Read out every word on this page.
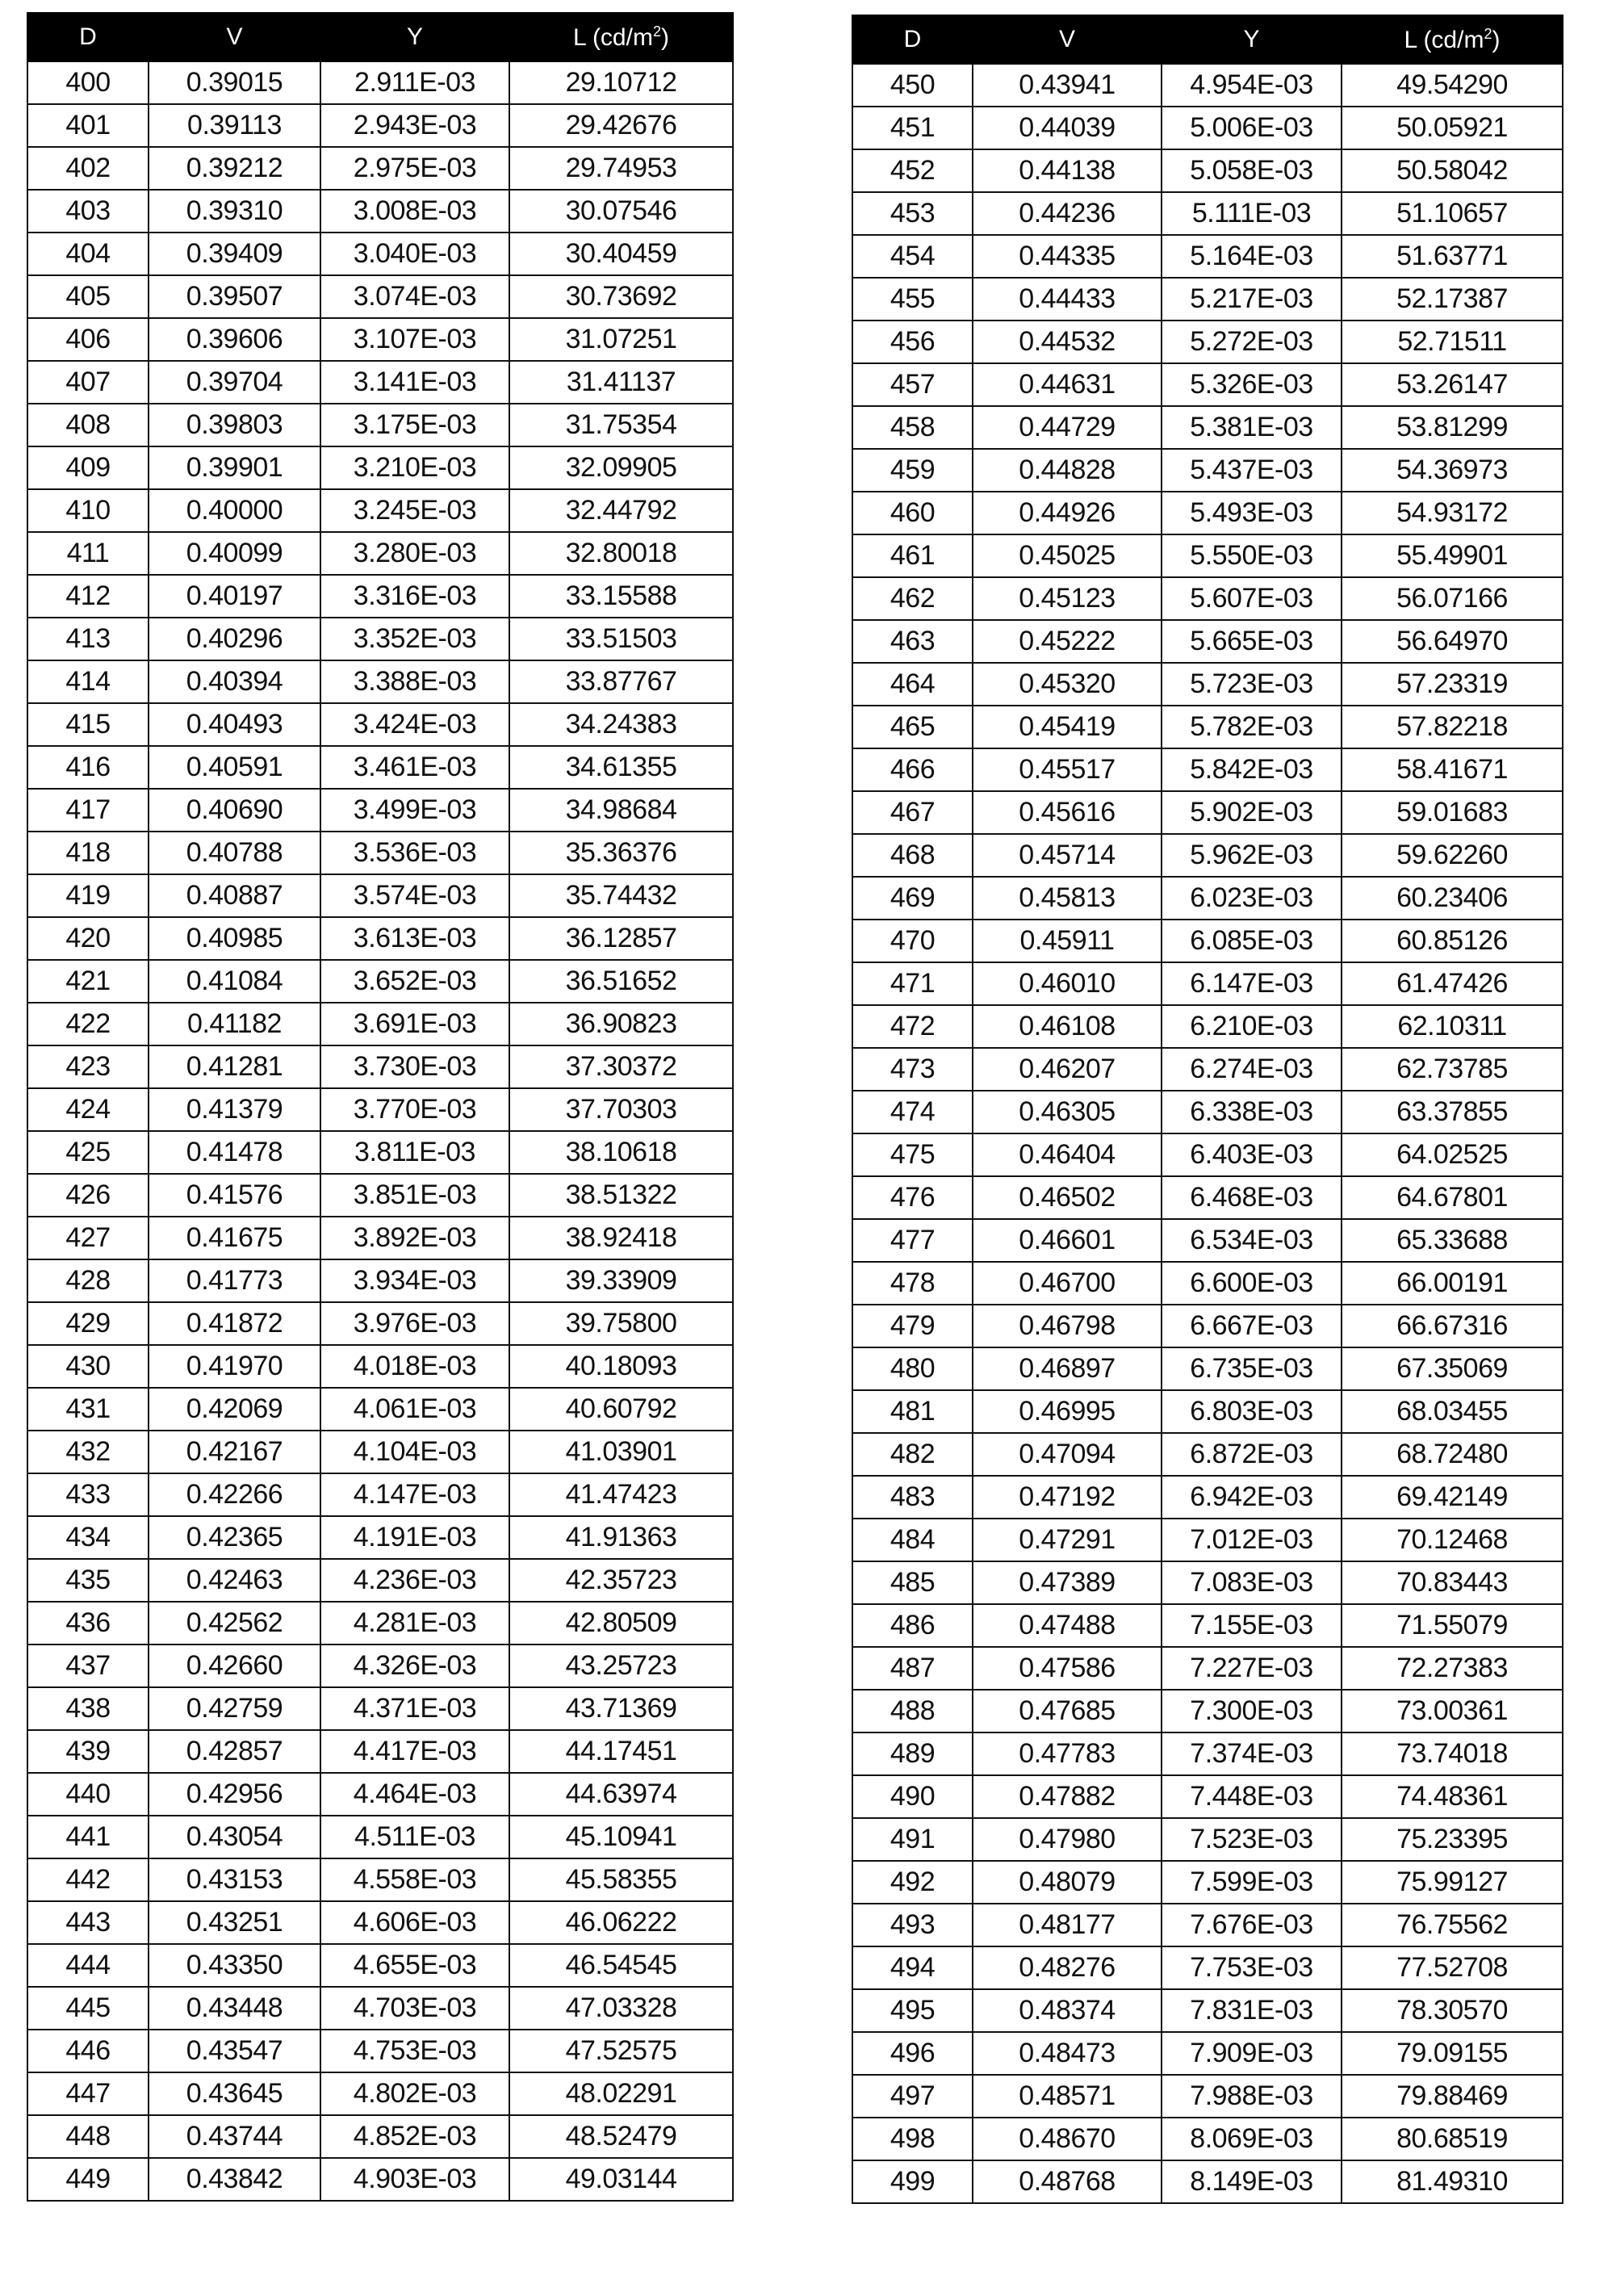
D	V	Y	L (cd/m2)
400	0.39015	2.911E-03	29.10712
401	0.39113	2.943E-03	29.42676
402	0.39212	2.975E-03	29.74953
403	0.39310	3.008E-03	30.07546
404	0.39409	3.040E-03	30.40459
405	0.39507	3.074E-03	30.73692
406	0.39606	3.107E-03	31.07251
407	0.39704	3.141E-03	31.41137
408	0.39803	3.175E-03	31.75354
409	0.39901	3.210E-03	32.09905
410	0.40000	3.245E-03	32.44792
411	0.40099	3.280E-03	32.80018
412	0.40197	3.316E-03	33.15588
413	0.40296	3.352E-03	33.51503
414	0.40394	3.388E-03	33.87767
415	0.40493	3.424E-03	34.24383
416	0.40591	3.461E-03	34.61355
417	0.40690	3.499E-03	34.98684
418	0.40788	3.536E-03	35.36376
419	0.40887	3.574E-03	35.74432
420	0.40985	3.613E-03	36.12857
421	0.41084	3.652E-03	36.51652
422	0.41182	3.691E-03	36.90823
423	0.41281	3.730E-03	37.30372
424	0.41379	3.770E-03	37.70303
425	0.41478	3.811E-03	38.10618
426	0.41576	3.851E-03	38.51322
427	0.41675	3.892E-03	38.92418
428	0.41773	3.934E-03	39.33909
429	0.41872	3.976E-03	39.75800
430	0.41970	4.018E-03	40.18093
431	0.42069	4.061E-03	40.60792
432	0.42167	4.104E-03	41.03901
433	0.42266	4.147E-03	41.47423
434	0.42365	4.191E-03	41.91363
435	0.42463	4.236E-03	42.35723
436	0.42562	4.281E-03	42.80509
437	0.42660	4.326E-03	43.25723
438	0.42759	4.371E-03	43.71369
439	0.42857	4.417E-03	44.17451
440	0.42956	4.464E-03	44.63974
441	0.43054	4.511E-03	45.10941
442	0.43153	4.558E-03	45.58355
443	0.43251	4.606E-03	46.06222
444	0.43350	4.655E-03	46.54545
445	0.43448	4.703E-03	47.03328
446	0.43547	4.753E-03	47.52575
447	0.43645	4.802E-03	48.02291
448	0.43744	4.852E-03	48.52479
449	0.43842	4.903E-03	49.03144
D	V	Y	L (cd/m2)
450	0.43941	4.954E-03	49.54290
451	0.44039	5.006E-03	50.05921
452	0.44138	5.058E-03	50.58042
453	0.44236	5.111E-03	51.10657
454	0.44335	5.164E-03	51.63771
455	0.44433	5.217E-03	52.17387
456	0.44532	5.272E-03	52.71511
457	0.44631	5.326E-03	53.26147
458	0.44729	5.381E-03	53.81299
459	0.44828	5.437E-03	54.36973
460	0.44926	5.493E-03	54.93172
461	0.45025	5.550E-03	55.49901
462	0.45123	5.607E-03	56.07166
463	0.45222	5.665E-03	56.64970
464	0.45320	5.723E-03	57.23319
465	0.45419	5.782E-03	57.82218
466	0.45517	5.842E-03	58.41671
467	0.45616	5.902E-03	59.01683
468	0.45714	5.962E-03	59.62260
469	0.45813	6.023E-03	60.23406
470	0.45911	6.085E-03	60.85126
471	0.46010	6.147E-03	61.47426
472	0.46108	6.210E-03	62.10311
473	0.46207	6.274E-03	62.73785
474	0.46305	6.338E-03	63.37855
475	0.46404	6.403E-03	64.02525
476	0.46502	6.468E-03	64.67801
477	0.46601	6.534E-03	65.33688
478	0.46700	6.600E-03	66.00191
479	0.46798	6.667E-03	66.67316
480	0.46897	6.735E-03	67.35069
481	0.46995	6.803E-03	68.03455
482	0.47094	6.872E-03	68.72480
483	0.47192	6.942E-03	69.42149
484	0.47291	7.012E-03	70.12468
485	0.47389	7.083E-03	70.83443
486	0.47488	7.155E-03	71.55079
487	0.47586	7.227E-03	72.27383
488	0.47685	7.300E-03	73.00361
489	0.47783	7.374E-03	73.74018
490	0.47882	7.448E-03	74.48361
491	0.47980	7.523E-03	75.23395
492	0.48079	7.599E-03	75.99127
493	0.48177	7.676E-03	76.75562
494	0.48276	7.753E-03	77.52708
495	0.48374	7.831E-03	78.30570
496	0.48473	7.909E-03	79.09155
497	0.48571	7.988E-03	79.88469
498	0.48670	8.069E-03	80.68519
499	0.48768	8.149E-03	81.49310
